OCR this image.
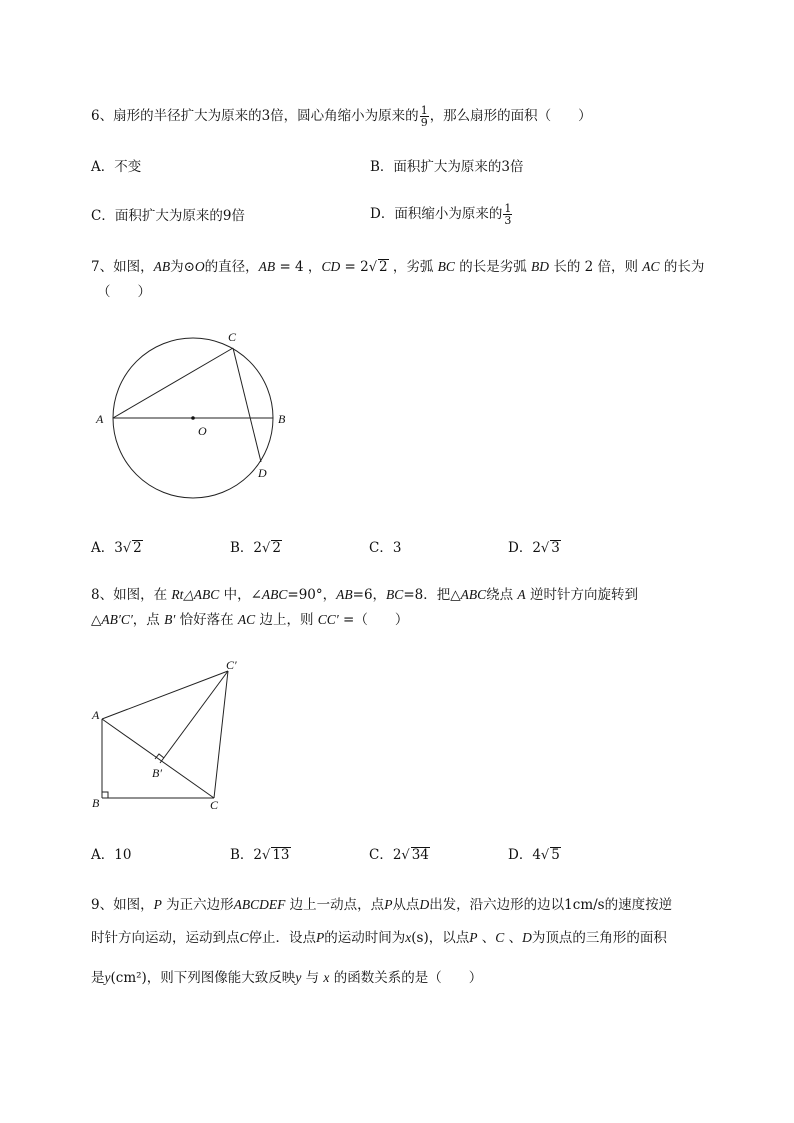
6、扇形的半径扩大为原来的3倍，圆心角缩小为原来的 $\frac{1}{9}$ ，那么扇形的面积（　　）
A．不变	B．面积扩大为原来的3倍
C．面积扩大为原来的9倍	D．面积缩小为原来的 $\frac{1}{3}$
7、如图，AB为⊙O的直径，AB = 4 ，CD = 2√ 2 ，劣弧 BC 的长是劣弧 BD 长的 2 倍，则 AC 的长为
（　　）
A	B
C
D
O
A．3√ 2	B．2√ 2	C．3	D．2√ 3
8、如图，在 Rt△ABC 中，∠ABC=90°，AB=6，BC=8．把△ABC绕点 A 逆时针方向旋转到
△AB′C′，点 B′ 恰好落在 AC 边上，则 CC′ =（　　）
A
B	C
B′
C′
A．10	B．2√ 13	C．2√ 34	D．4√ 5
9、如图，P 为正六边形ABCDEF 边上一动点，点P从点D出发，沿六边形的边以1cm/s的速度按逆
时针方向运动，运动到点C停止．设点P的运动时间为x(s)，以点P 、C 、D为顶点的三角形的面积
是y(cm²)，则下列图像能大致反映y 与 x 的函数关系的是（　　）
